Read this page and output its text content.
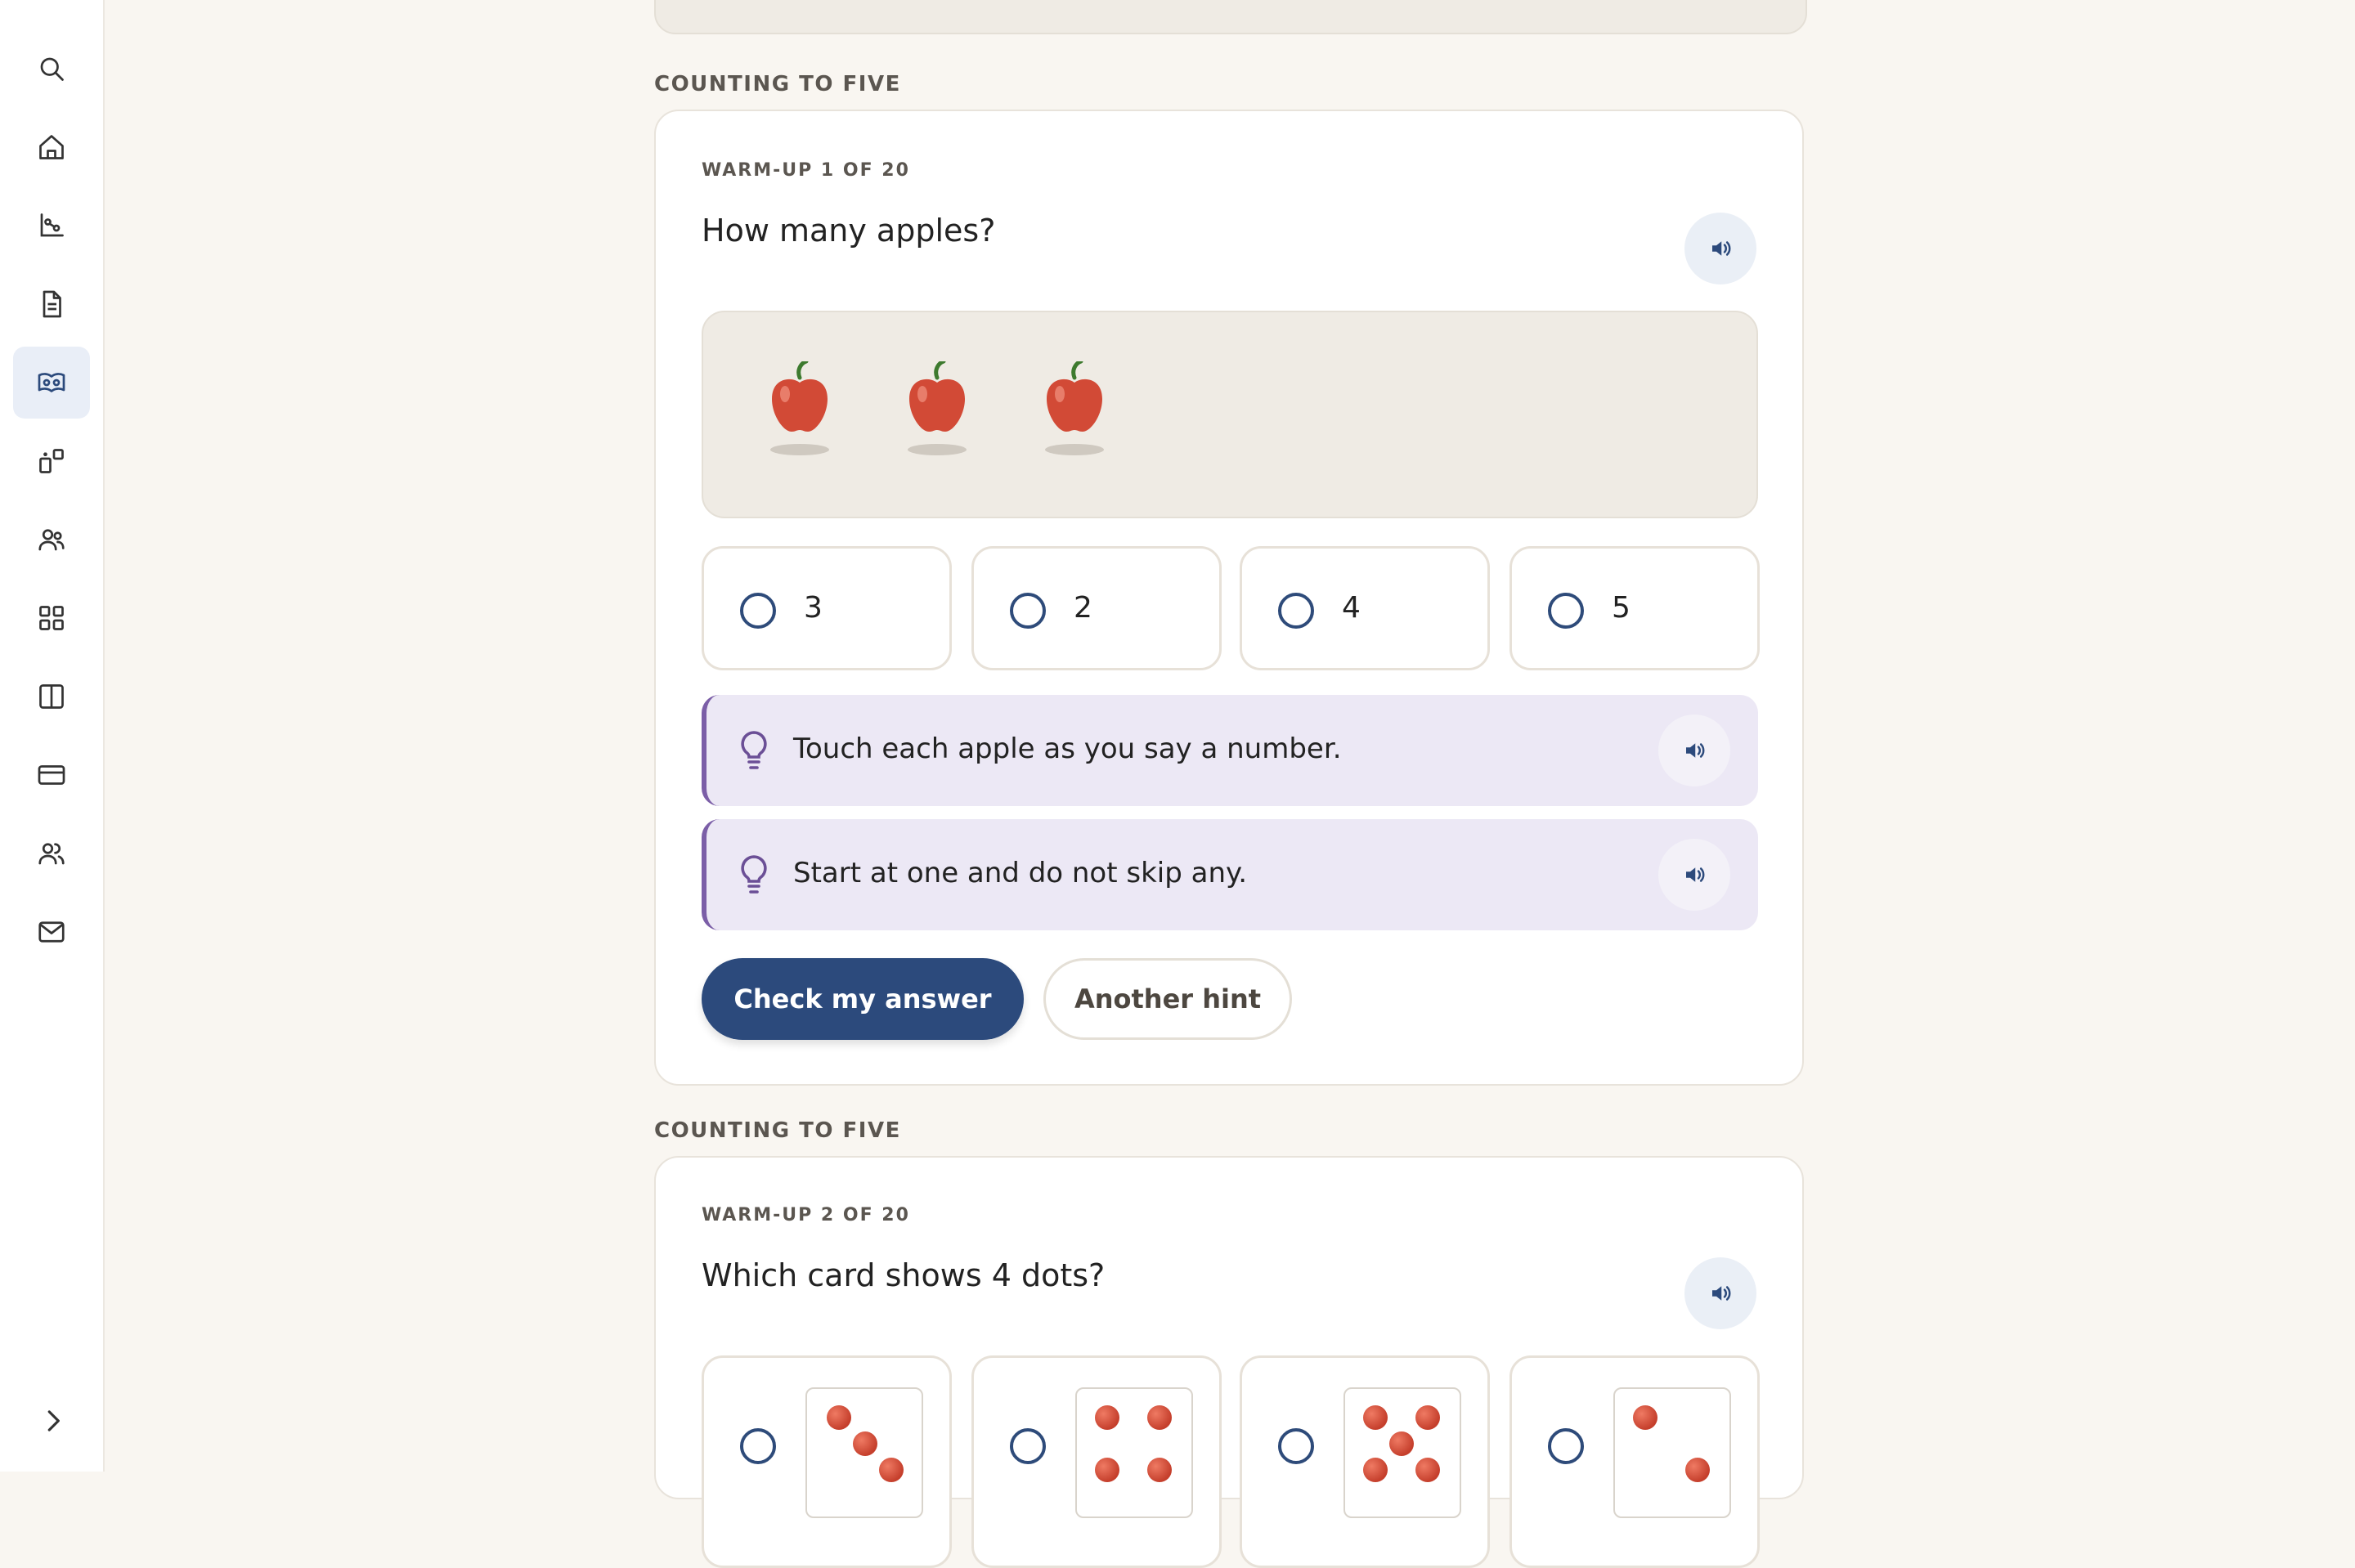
COUNTING TO FIVE
WARM-UP 1 OF 20
How many apples?
3	2	4	5
Touch each apple as you say a number.
Start at one and do not skip any.
Check my answer	Another hint
COUNTING TO FIVE
WARM-UP 2 OF 20
Which card shows 4 dots?
